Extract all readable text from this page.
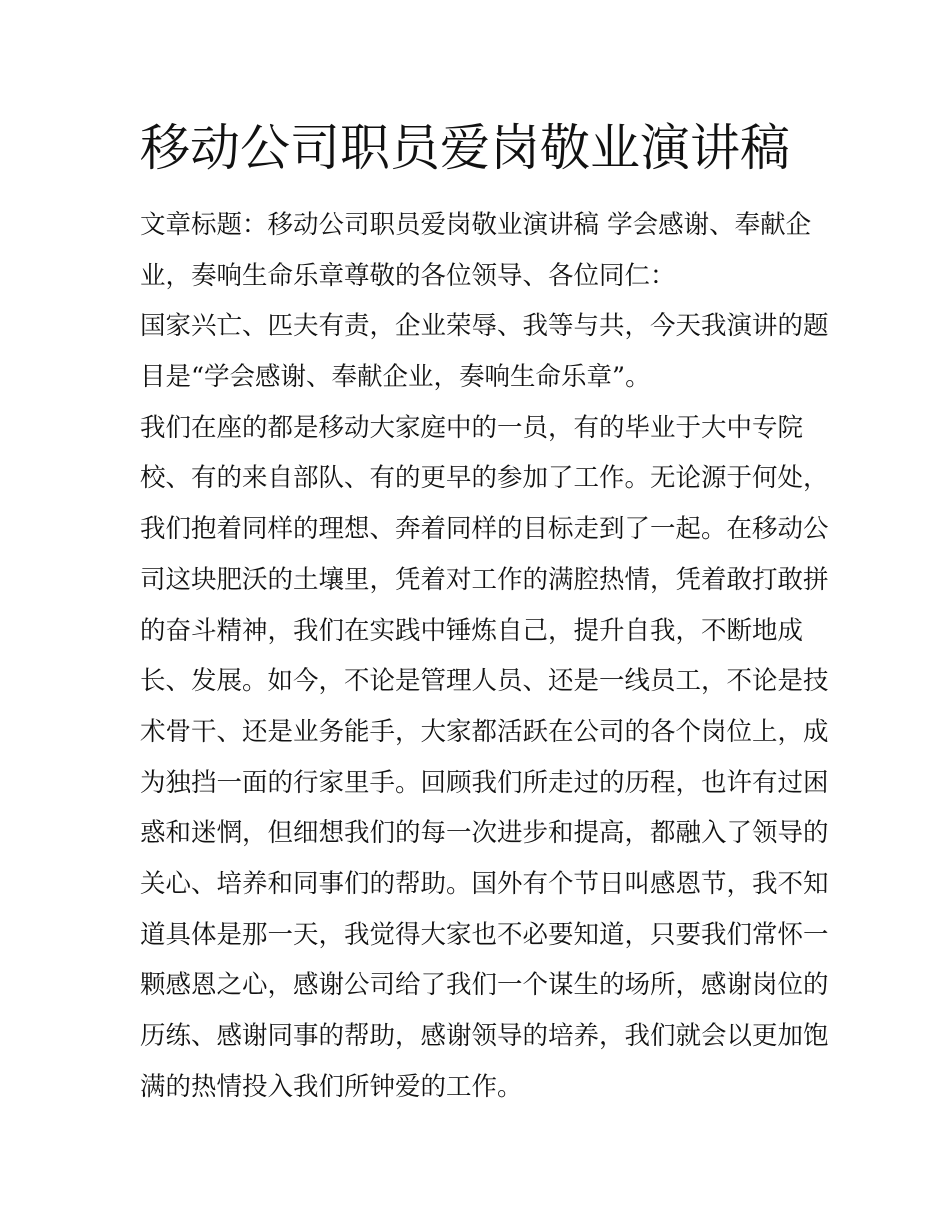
移动公司职员爱岗敬业演讲稿
文章标题：移动公司职员爱岗敬业演讲稿 学会感谢、奉献企
业，奏响生命乐章尊敬的各位领导、各位同仁：
国家兴亡、匹夫有责，企业荣辱、我等与共，今天我演讲的题
目是“学会感谢、奉献企业，奏响生命乐章”。
我们在座的都是移动大家庭中的一员，有的毕业于大中专院
校、有的来自部队、有的更早的参加了工作。无论源于何处，
我们抱着同样的理想、奔着同样的目标走到了一起。在移动公
司这块肥沃的土壤里，凭着对工作的满腔热情，凭着敢打敢拼
的奋斗精神，我们在实践中锤炼自己，提升自我，不断地成
长、发展。如今，不论是管理人员、还是一线员工，不论是技
术骨干、还是业务能手，大家都活跃在公司的各个岗位上，成
为独挡一面的行家里手。回顾我们所走过的历程，也许有过困
惑和迷惘，但细想我们的每一次进步和提高，都融入了领导的
关心、培养和同事们的帮助。国外有个节日叫感恩节，我不知
道具体是那一天，我觉得大家也不必要知道，只要我们常怀一
颗感恩之心，感谢公司给了我们一个谋生的场所，感谢岗位的
历练、感谢同事的帮助，感谢领导的培养，我们就会以更加饱
满的热情投入我们所钟爱的工作。
